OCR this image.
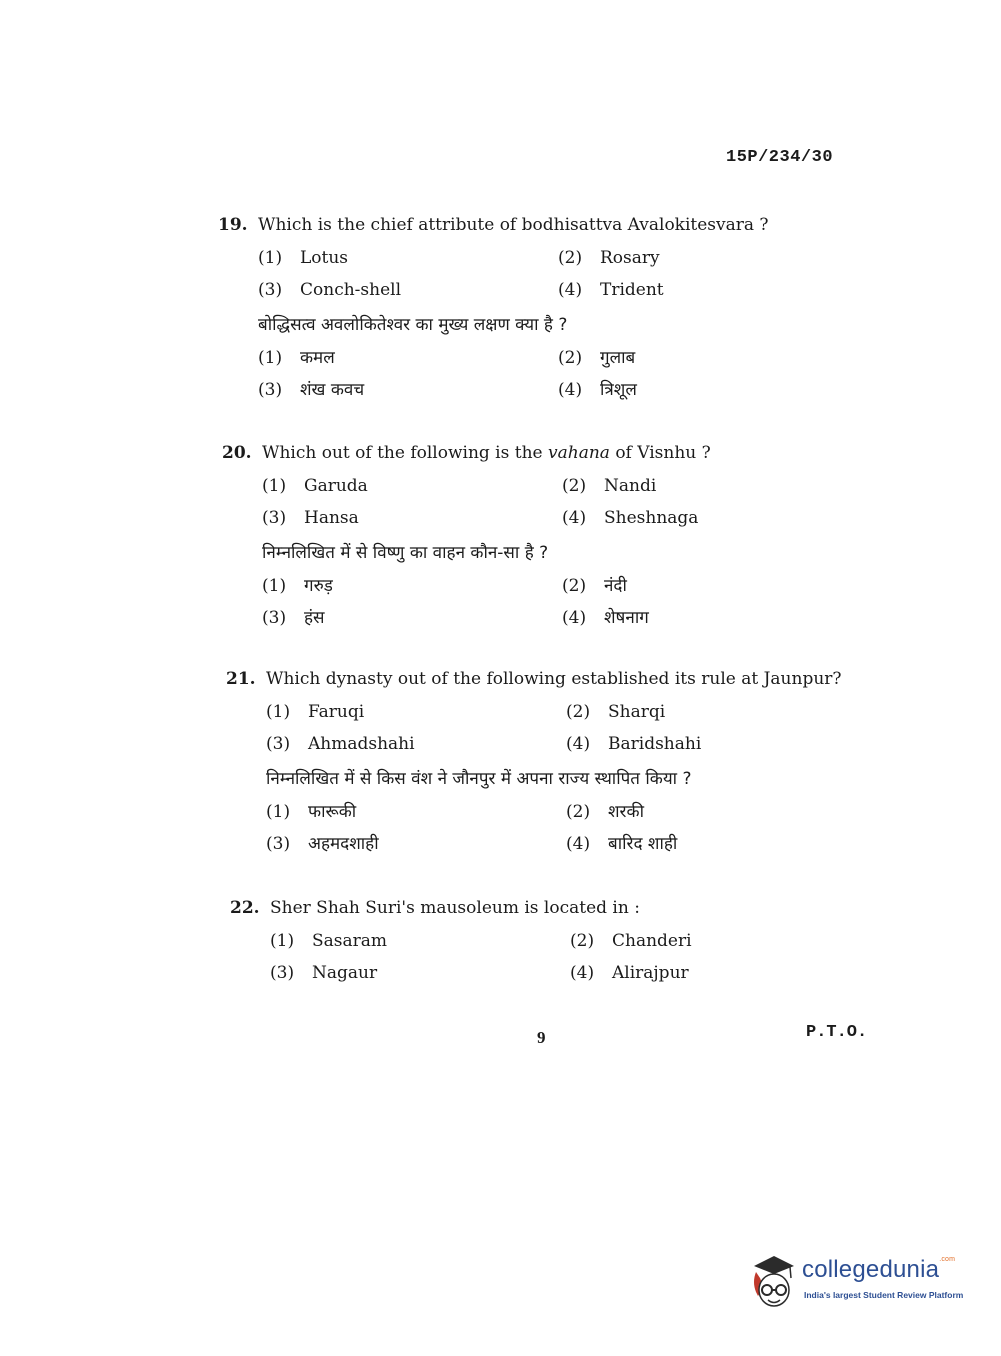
15P/234/30
19. Which is the chief attribute of bodhisattva Avalokitesvara ?
(1)	Lotus	(2)	Rosary
(3)	Conch-shell	(4)	Trident
बोद्धिसत्व अवलोकितेश्वर का मुख्य लक्षण क्या है ?
(1)	कमल	(2)	गुलाब
(3)	शंख कवच	(4)	त्रिशूल
20. Which out of the following is the vahana of Visnhu ?
(1)	Garuda	(2)	Nandi
(3)	Hansa	(4)	Sheshnaga
निम्नलिखित में से विष्णु का वाहन कौन-सा है ?
(1)	गरुड़	(2)	नंदी
(3)	हंस	(4)	शेषनाग
21. Which dynasty out of the following established its rule at Jaunpur?
(1)	Faruqi	(2)	Sharqi
(3)	Ahmadshahi	(4)	Baridshahi
निम्नलिखित में से किस वंश ने जौनपुर में अपना राज्य स्थापित किया ?
(1)	फारूकी	(2)	शरकी
(3)	अहमदशाही	(4)	बारिद शाही
22. Sher Shah Suri's mausoleum is located in :
(1)	Sasaram	(2)	Chanderi
(3)	Nagaur	(4)	Alirajpur
9	P.T.O.
collegedunia$^{.com}$
India's largest Student Review Platform
